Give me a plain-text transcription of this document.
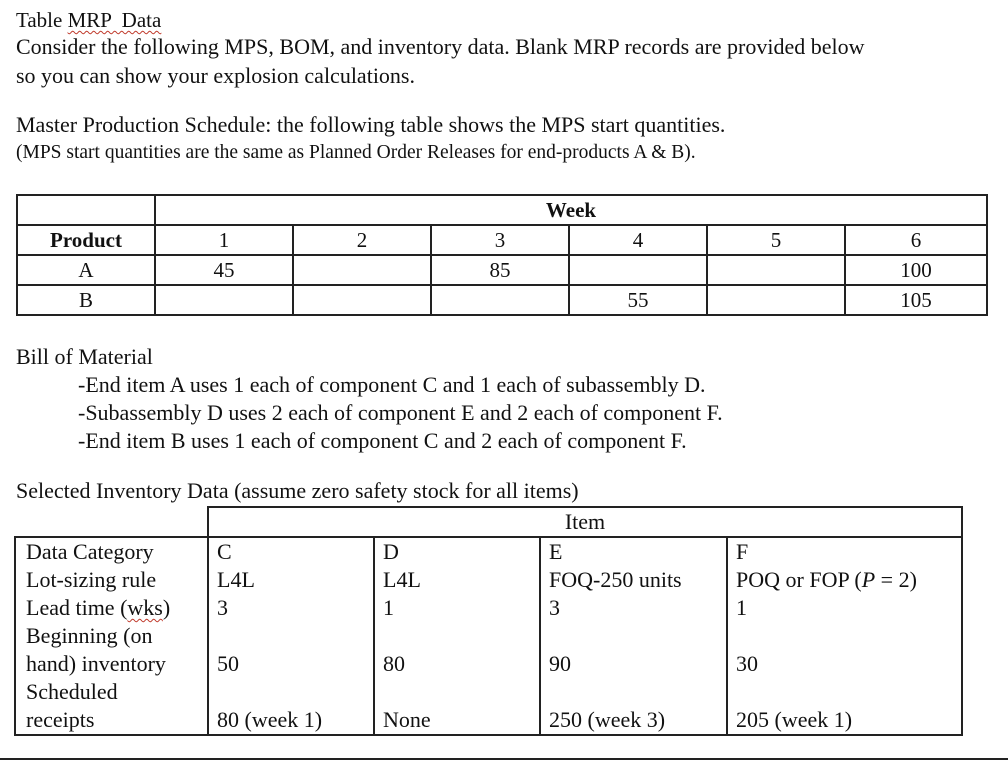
Table MRP  Data
Consider the following MPS, BOM, and inventory data. Blank MRP records are provided below
so you can show your explosion calculations.
Master Production Schedule: the following table shows the MPS start quantities.
(MPS start quantities are the same as Planned Order Releases for end-products A & B).
	Week					
Product	1	2	3	4	5	6
A	45		85			100
B				55		105
Bill of Material
-End item A uses 1 each of component C and 1 each of subassembly D.
-Subassembly D uses 2 each of component E and 2 each of component F.
-End item B uses 1 each of component C and 2 each of component F.
Selected Inventory Data (assume zero safety stock for all items)
	Item			
Data Category	C	D	E	F
Lot-sizing rule	L4L	L4L	FOQ-250 units	POQ or FOP (P = 2)
Lead time (wks)	3	1	3	1

Beginning (on
hand) inventory	50	80	90	30

Scheduled
receipts	80 (week 1)	None	250 (week 3)	205 (week 1)
